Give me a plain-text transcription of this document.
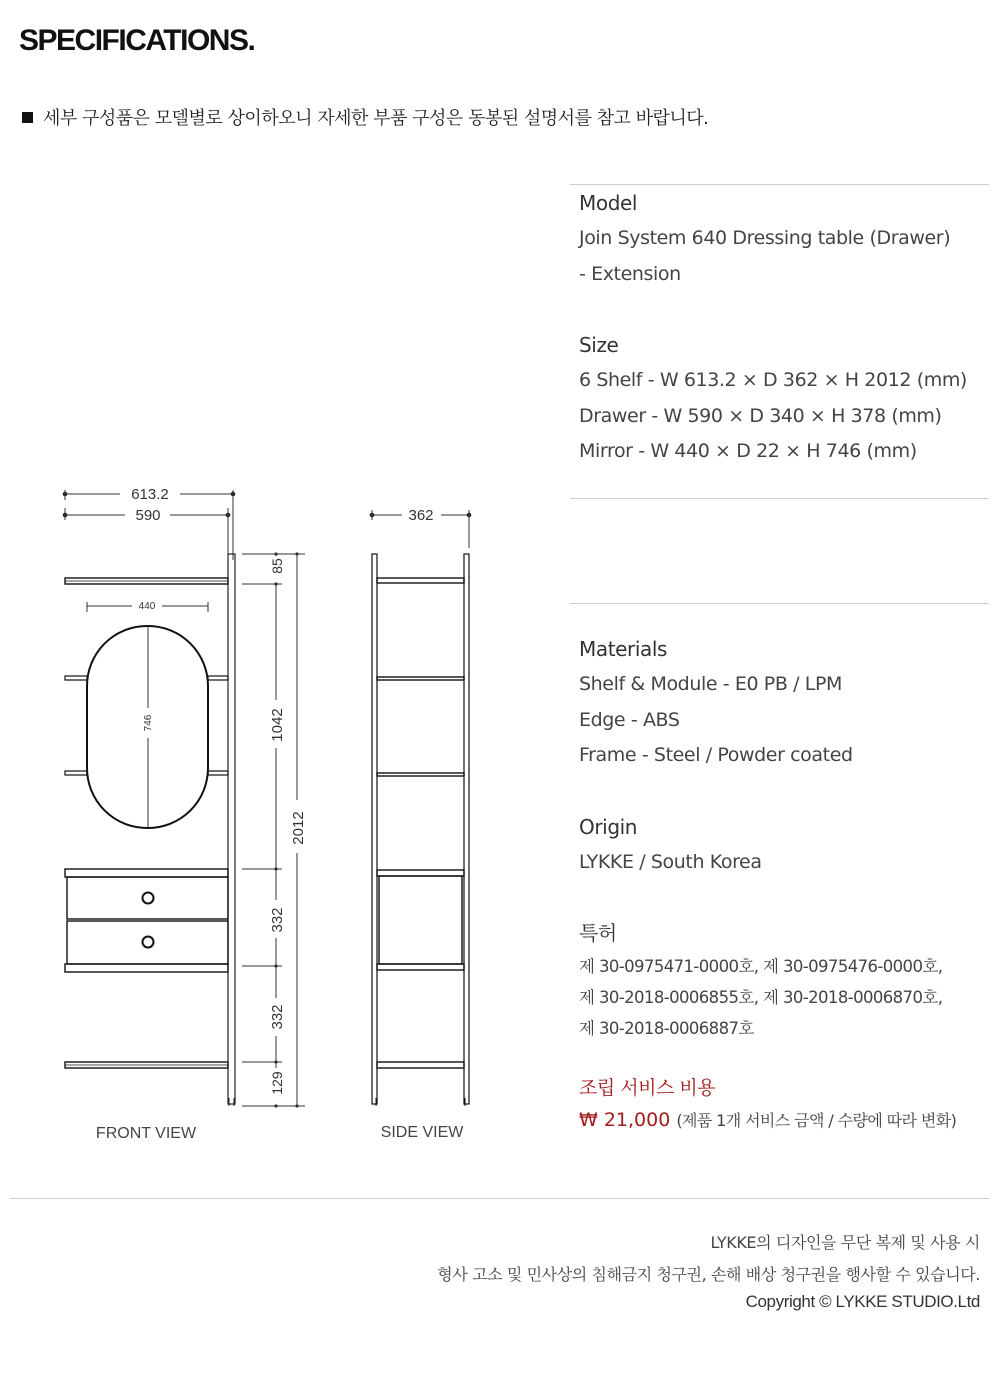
SPECIFICATIONS.
세부 구성품은 모델별로 상이하오니 자세한 부품 구성은 동봉된 설명서를 참고 바랍니다.
Model
Join System 640 Dressing table (Drawer)
- Extension
Size
6 Shelf - W 613.2 × D 362 × H 2012 (mm)
Drawer - W 590 × D 340 × H 378 (mm)
Mirror - W 440 × D 22 × H 746 (mm)
Materials
Shelf & Module - E0 PB / LPM
Edge - ABS
Frame - Steel / Powder coated
Origin
LYKKE / South Korea
특허
제 30-0975471-0000호, 제 30-0975476-0000호,
제 30-2018-0006855호, 제 30-2018-0006870호,
제 30-2018-0006887호
조립 서비스 비용
₩ 21,000 (제품 1개 서비스 금액 / 수량에 따라 변화)
613.2
590
440
746
85
1042
2012
332
332
129
FRONT VIEW
362
SIDE VIEW
LYKKE의 디자인을 무단 복제 및 사용 시
형사 고소 및 민사상의 침해금지 청구권, 손해 배상 청구권을 행사할 수 있습니다.
Copyright © LYKKE STUDIO.Ltd
